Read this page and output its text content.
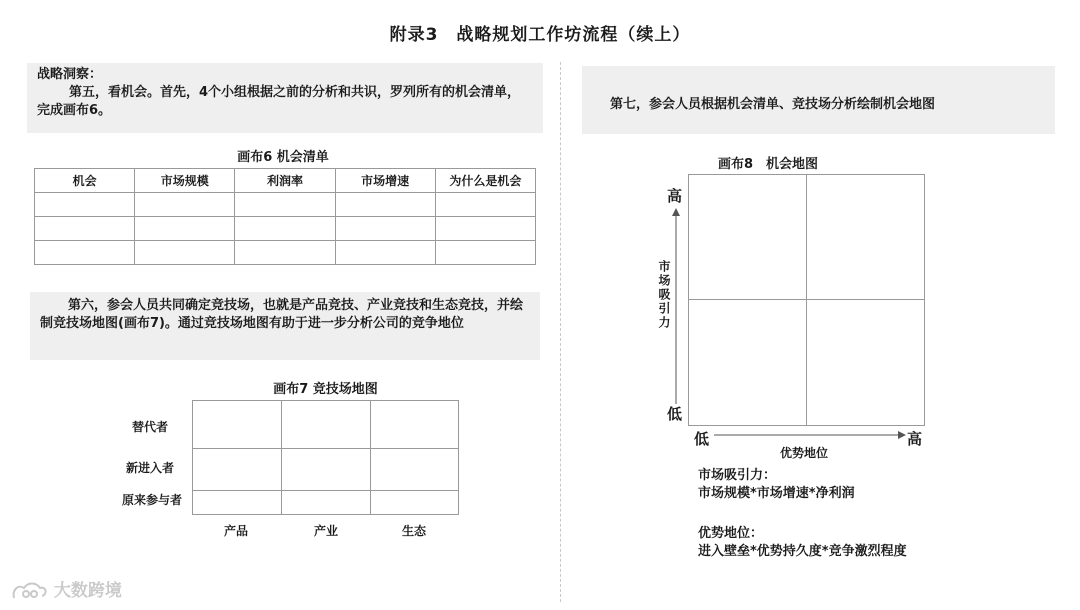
附录3　战略规划工作坊流程（续上）
战略洞察：
第五，看机会。首先，4个小组根据之前的分析和共识，罗列所有的机会清单，完成画布6。
画布6 机会清单
机会	市场规模	利润率	市场增速	为什么是机会

第六，参会人员共同确定竞技场，也就是产品竞技、产业竞技和生态竞技，并绘制竞技场地图(画布7)。通过竞技场地图有助于进一步分析公司的竞争地位
画布7 竞技场地图
替代者
新进入者
原来参与者
产品	产业	生态
第七，参会人员根据机会清单、竞技场分析绘制机会地图
画布8　机会地图
高
低
市场吸引力
低	高
优势地位
市场吸引力：
市场规模*市场增速*净利润
优势地位：
进入壁垒*优势持久度*竞争激烈程度
大数跨境
